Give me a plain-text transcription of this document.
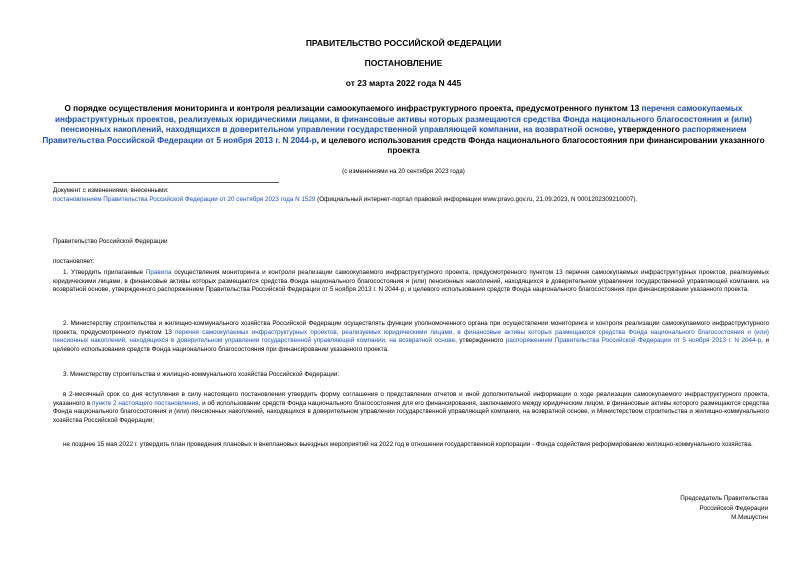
ПРАВИТЕЛЬСТВО РОССИЙСКОЙ ФЕДЕРАЦИИ
ПОСТАНОВЛЕНИЕ
от 23 марта 2022 года N 445
О порядке осуществления мониторинга и контроля реализации самоокупаемого инфраструктурного проекта, предусмотренного пунктом 13 перечня самоокупаемых инфраструктурных проектов, реализуемых юридическими лицами, в финансовые активы которых размещаются средства Фонда национального благосостояния и (или) пенсионных накоплений, находящихся в доверительном управлении государственной управляющей компании, на возвратной основе, утвержденного распоряжением Правительства Российской Федерации от 5 ноября 2013 г. N 2044-р, и целевого использования средств Фонда национального благосостояния при финансировании указанного проекта
(с изменениями на 20 сентября 2023 года)
Документ с изменениями, внесенными:
постановлением Правительства Российской Федерации от 20 сентября 2023 года N 1529 (Официальный интернет-портал правовой информации www.pravo.gov.ru, 21.09.2023, N 0001202309210007).
Правительство Российской Федерации
постановляет:
1. Утвердить прилагаемые Правила осуществления мониторинга и контроля реализации самоокупаемого инфраструктурного проекта, предусмотренного пунктом 13 перечня самоокупаемых инфраструктурных проектов, реализуемых юридическими лицами, в финансовые активы которых размещаются средства Фонда национального благосостояния и (или) пенсионных накоплений, находящихся в доверительном управлении государственной управляющей компании, на возвратной основе, утвержденного распоряжением Правительства Российской Федерации от 5 ноября 2013 г. N 2044-р, и целевого использования средств Фонда национального благосостояния при финансировании указанного проекта.
2. Министерству строительства и жилищно-коммунального хозяйства Российской Федерации осуществлять функции уполномоченного органа при осуществлении мониторинга и контроля реализации самоокупаемого инфраструктурного проекта, предусмотренного пунктом 13 перечня самоокупаемых инфраструктурных проектов, реализуемых юридическими лицами, в финансовые активы которых размещаются средства Фонда национального благосостояния и (или) пенсионных накоплений, находящихся в доверительном управлении государственной управляющей компании, на возвратной основе, утвержденного распоряжением Правительства Российской Федерации от 5 ноября 2013 г. N 2044-р, и целевого использования средств Фонда национального благосостояния при финансировании указанного проекта.
3. Министерству строительства и жилищно-коммунального хозяйства Российской Федерации:
в 2-месячный срок со дня вступления в силу настоящего постановления утвердить форму соглашения о представлении отчетов и иной дополнительной информации о ходе реализации самоокупаемого инфраструктурного проекта, указанного в пункте 2 настоящего постановления, и об использовании средств Фонда национального благосостояния для его финансирования, заключаемого между юридическим лицом, в финансовые активы которого размещаются средства Фонда национального благосостояния и (или) пенсионных накоплений, находящихся в доверительном управлении государственной управляющей компании, на возвратной основе, и Министерством строительства и жилищно-коммунального хозяйства Российской Федерации;
не позднее 15 мая 2022 г. утвердить план проведения плановых и внеплановых выездных мероприятий на 2022 год в отношении государственной корпорации - Фонда содействия реформированию жилищно-коммунального хозяйства.
Председатель Правительства
Российской Федерации
М.Мишустин
